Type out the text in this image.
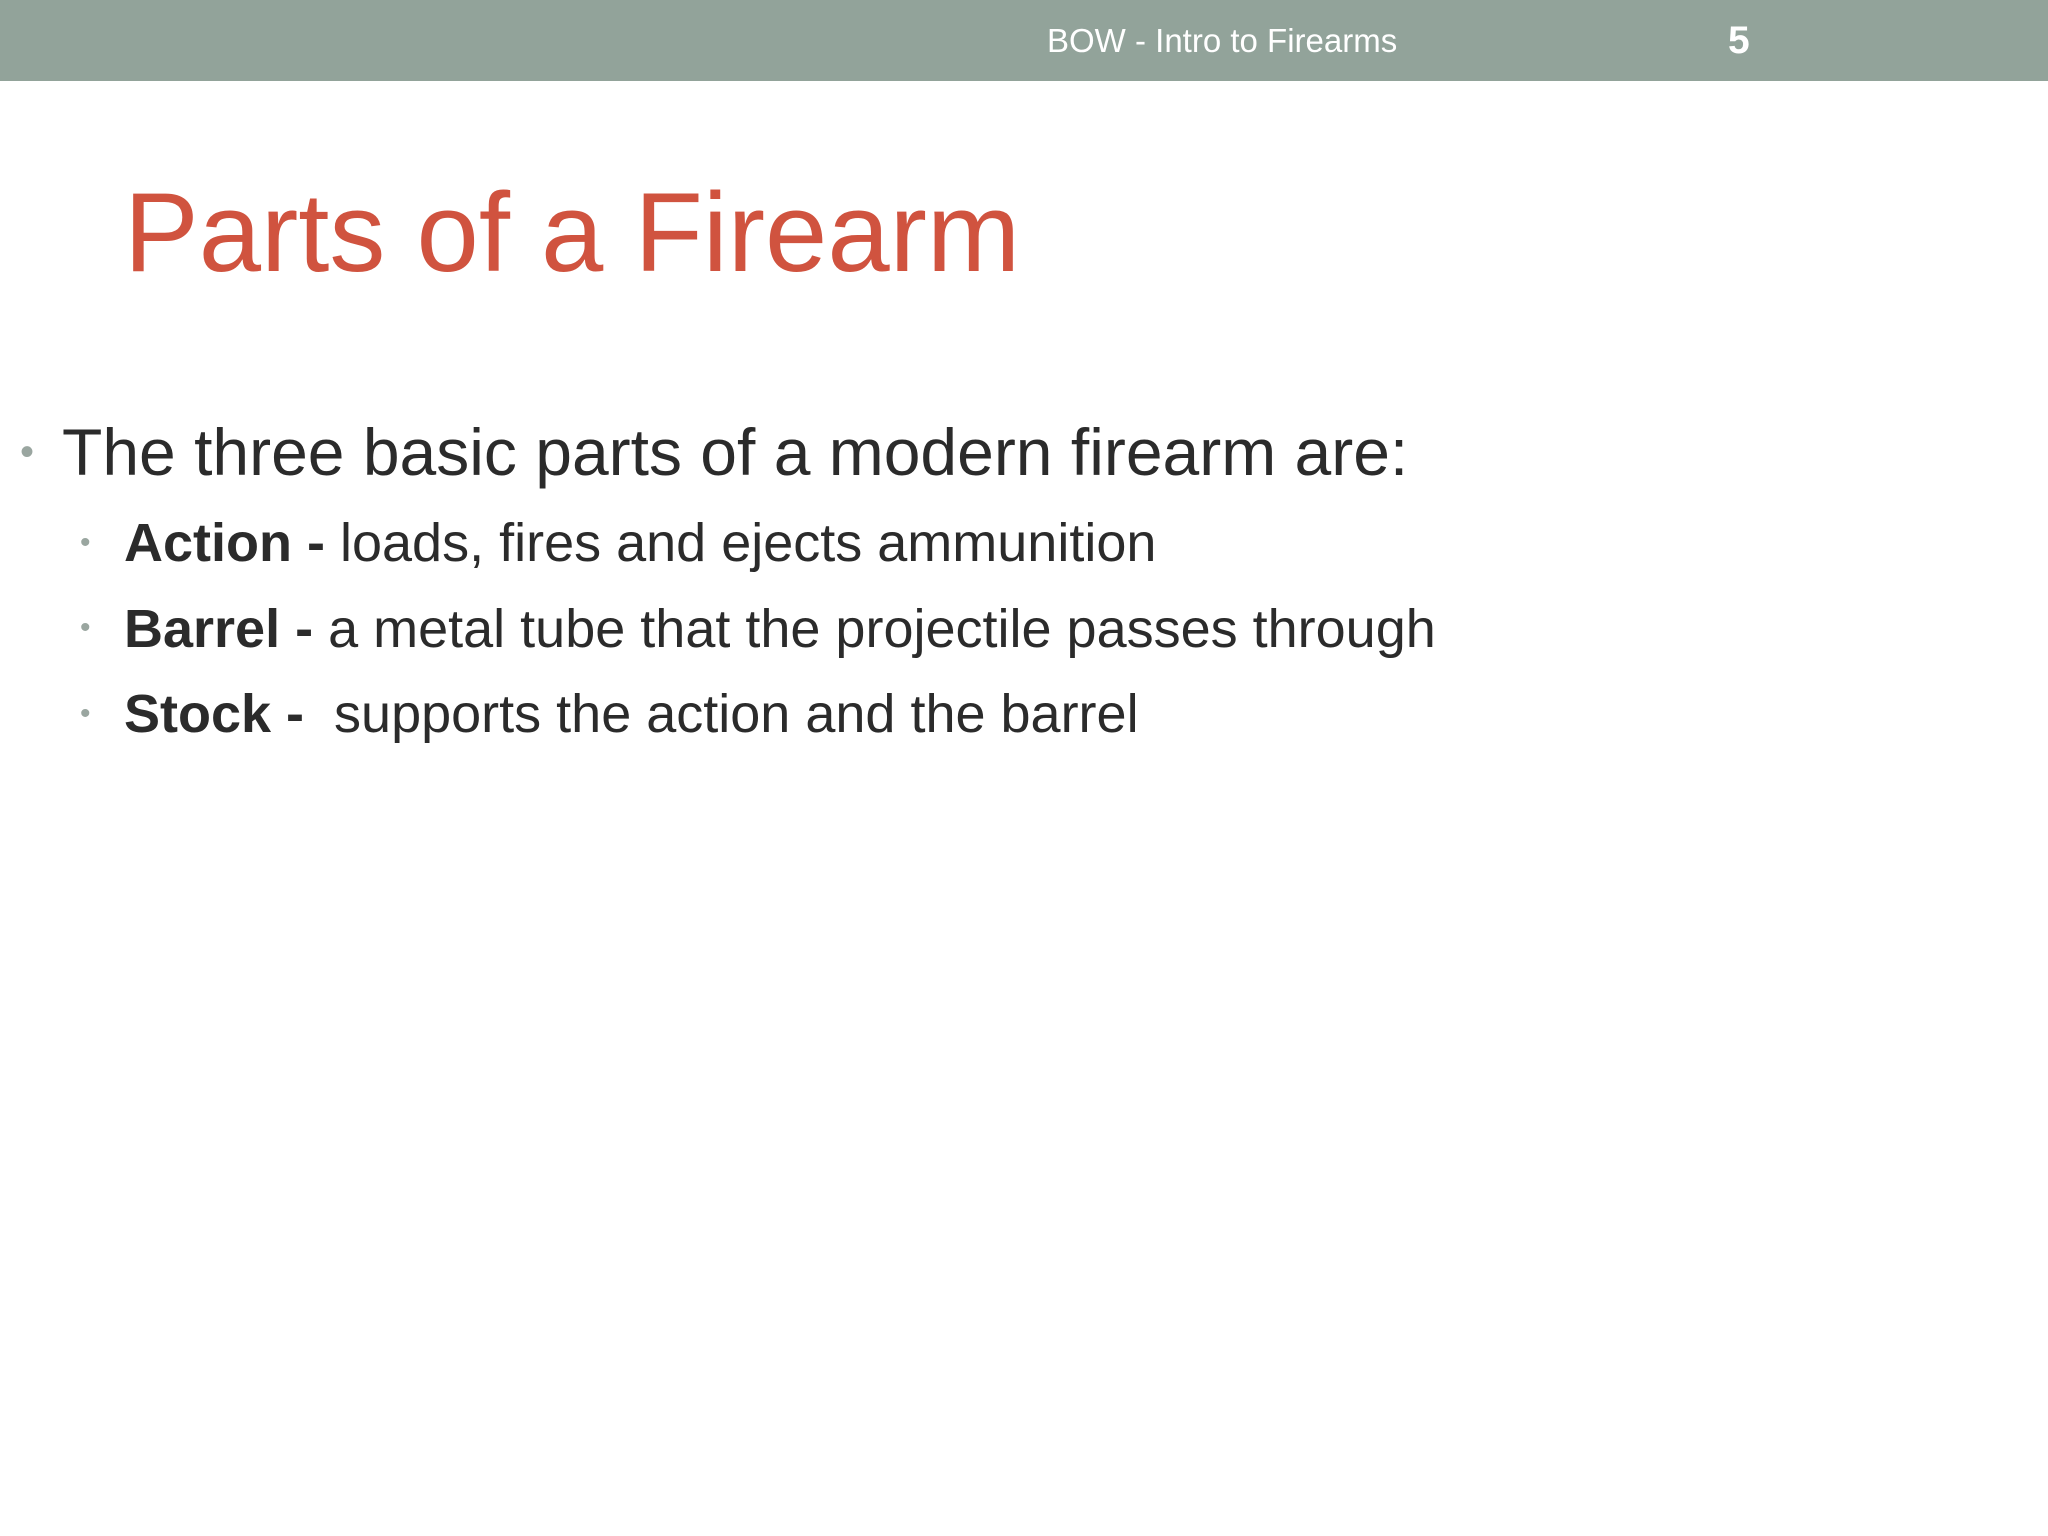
BOW - Intro to Firearms	5
Parts of a Firearm
• The three basic parts of a modern firearm are:
• Action - loads, fires and ejects ammunition
• Barrel - a metal tube that the projectile passes through
• Stock -  supports the action and the barrel
